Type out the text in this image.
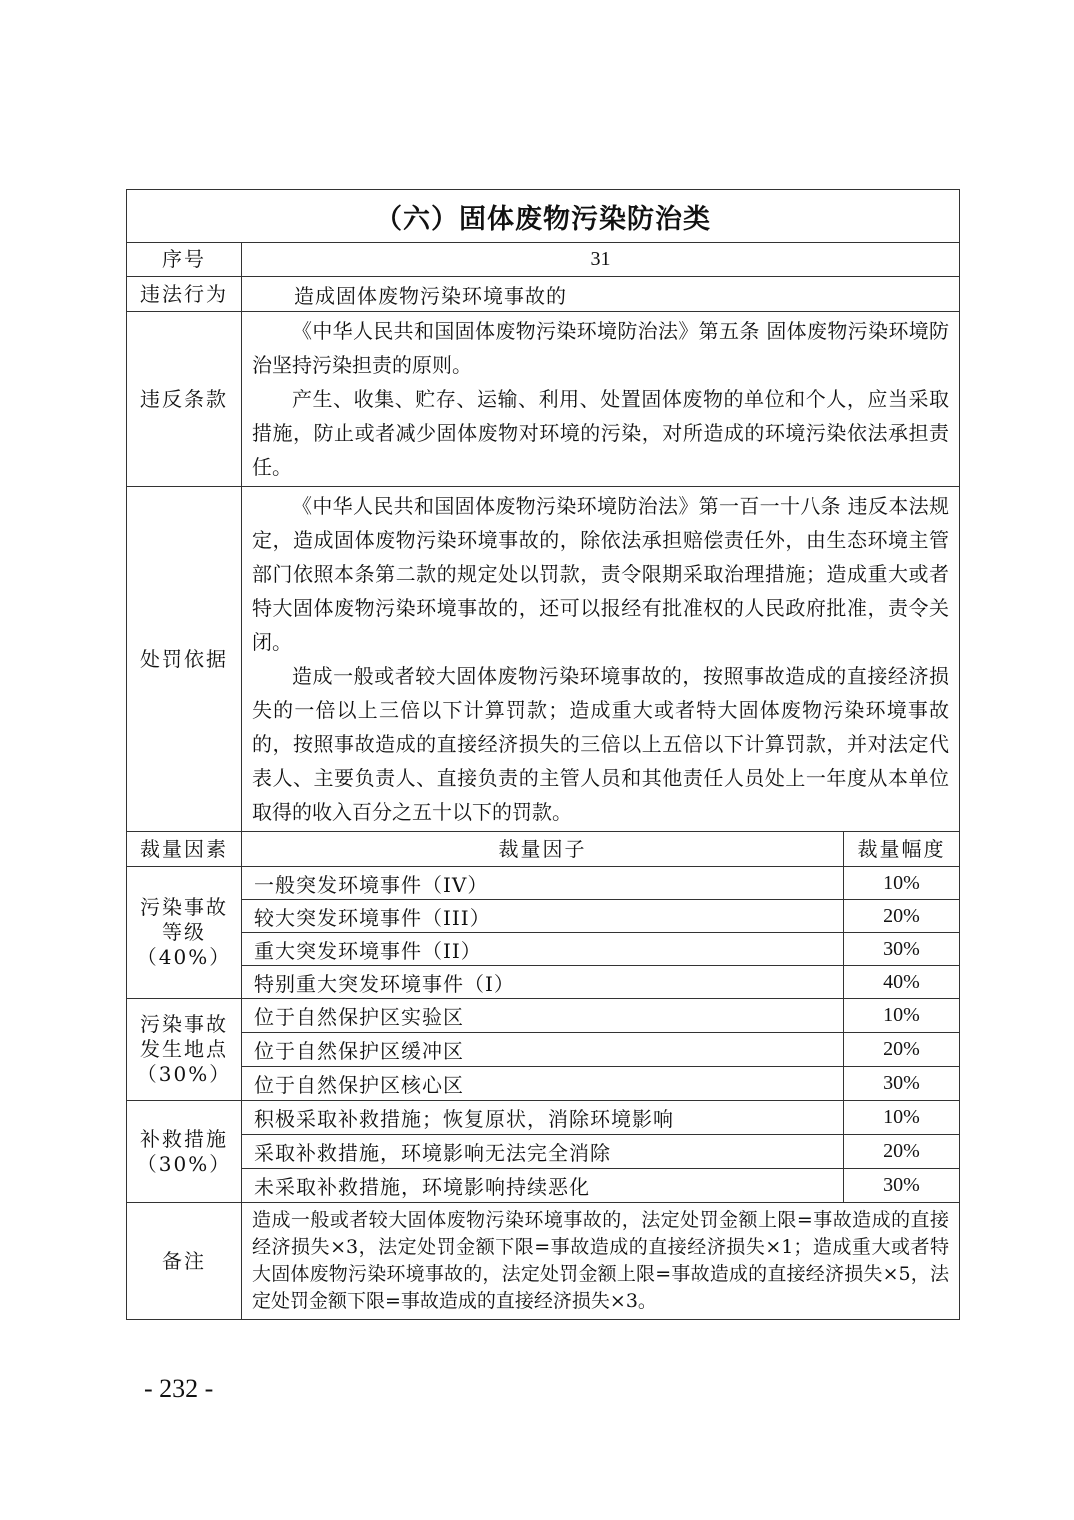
（六）固体废物污染防治类		
序号	31	
违法行为	造成固体废物污染环境事故的	
违反条款	《中华人民共和国固体废物污染环境防治法》第五条 固体废物污染环境防治坚持污染担责的原则。

产生、收集、贮存、运输、利用、处置固体废物的单位和个人，应当采取措施，防止或者减少固体废物对环境的污染，对所造成的环境污染依法承担责任。	

处罚依据	《中华人民共和国固体废物污染环境防治法》第一百一十八条 违反本法规定，造成固体废物污染环境事故的，除依法承担赔偿责任外，由生态环境主管部门依照本条第二款的规定处以罚款，责令限期采取治理措施；造成重大或者特大固体废物污染环境事故的，还可以报经有批准权的人民政府批准，责令关闭。

造成一般或者较大固体废物污染环境事故的，按照事故造成的直接经济损失的一倍以上三倍以下计算罚款；造成重大或者特大固体废物污染环境事故的，按照事故造成的直接经济损失的三倍以上五倍以下计算罚款，并对法定代表人、主要负责人、直接负责的主管人员和其他责任人员处上一年度从本单位取得的收入百分之五十以下的罚款。	

裁量因素	裁量因子	裁量幅度

污染事故
等级
（40%）	一般突发环境事件（IV）	10%
	较大突发环境事件（III）	20%
	重大突发环境事件（II）	30%
	特别重大突发环境事件（I）	40%

污染事故
发生地点
（30%）	位于自然保护区实验区	10%
	位于自然保护区缓冲区	20%
	位于自然保护区核心区	30%

补救措施
（30%）	积极采取补救措施；恢复原状，消除环境影响	10%
	采取补救措施，环境影响无法完全消除	20%
	未采取补救措施，环境影响持续恶化	30%
备注	造成一般或者较大固体废物污染环境事故的，法定处罚金额上限=事故造成的直接经济损失×3，法定处罚金额下限=事故造成的直接经济损失×1；造成重大或者特大固体废物污染环境事故的，法定处罚金额上限=事故造成的直接经济损失×5，法定处罚金额下限=事故造成的直接经济损失×3。	
- 232 -
